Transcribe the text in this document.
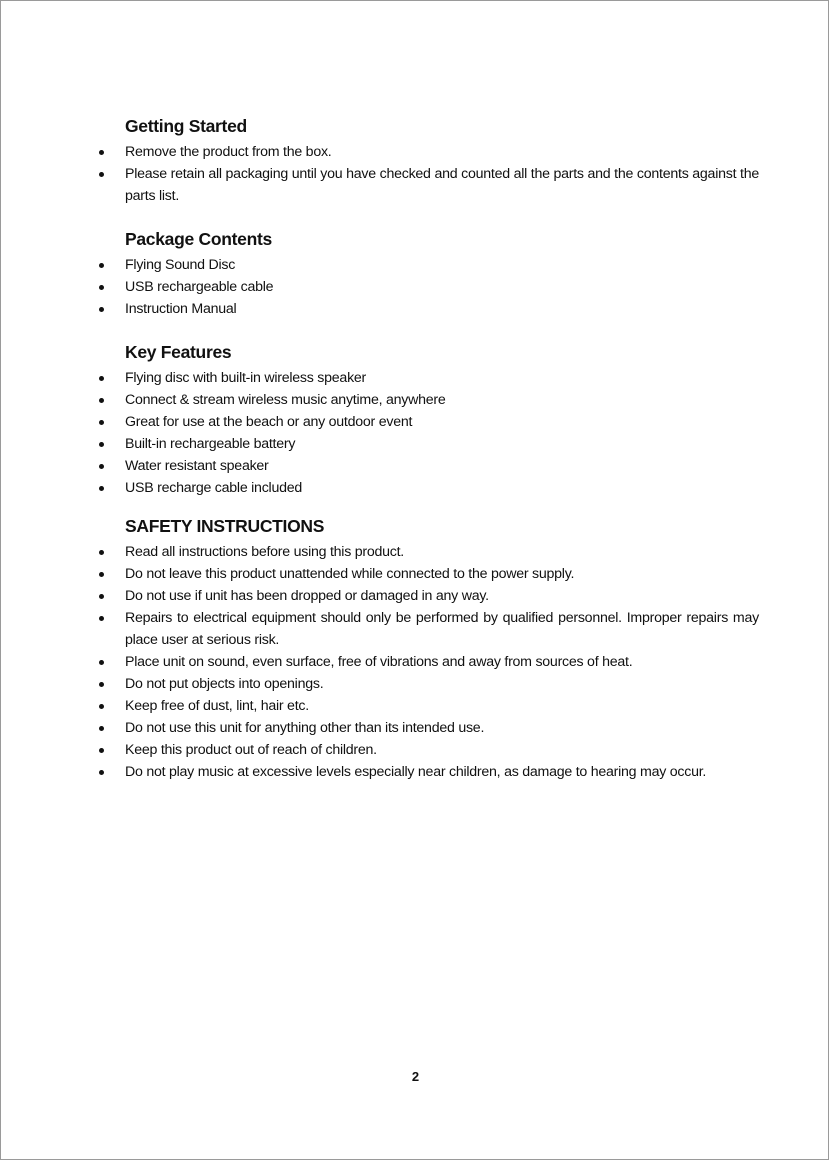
Getting Started
Remove the product from the box.
Please retain all packaging until you have checked and counted all the parts and the contents against the parts list.
Package Contents
Flying Sound Disc
USB rechargeable cable
Instruction Manual
Key Features
Flying disc with built-in wireless speaker
Connect & stream wireless music anytime, anywhere
Great for use at the beach or any outdoor event
Built-in rechargeable battery
Water resistant speaker
USB recharge cable included
SAFETY INSTRUCTIONS
Read all instructions before using this product.
Do not leave this product unattended while connected to the power supply.
Do not use if unit has been dropped or damaged in any way.
Repairs to electrical equipment should only be performed by qualified personnel. Improper repairs may place user at serious risk.
Place unit on sound, even surface, free of vibrations and away from sources of heat.
Do not put objects into openings.
Keep free of dust, lint, hair etc.
Do not use this unit for anything other than its intended use.
Keep this product out of reach of children.
Do not play music at excessive levels especially near children, as damage to hearing may occur.
2
